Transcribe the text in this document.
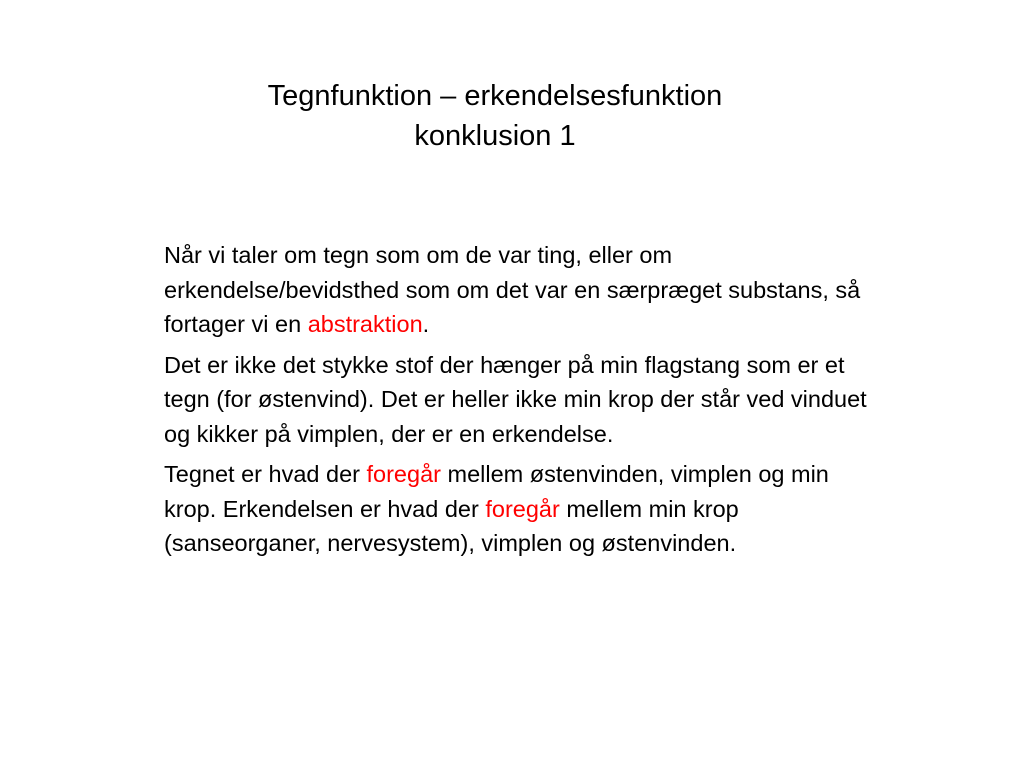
Tegnfunktion – erkendelsesfunktion
konklusion 1

Når vi taler om tegn som om de var ting, eller om erkendelse/bevidsthed som om det var en særpræget substans, så fortager vi en abstraktion.

Det er ikke det stykke stof der hænger på min flagstang som er et tegn (for østenvind). Det er heller ikke min krop der står ved vinduet og kikker på vimplen, der er en erkendelse.

Tegnet er hvad der foregår mellem østenvinden, vimplen og min krop. Erkendelsen er hvad der foregår mellem min krop (sanseorganer, nervesystem), vimplen og østenvinden.
